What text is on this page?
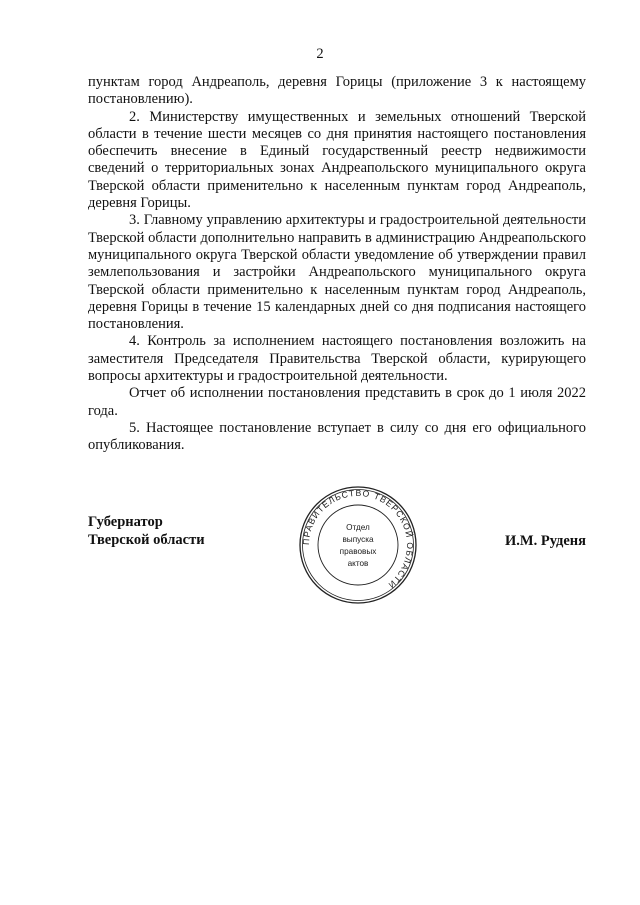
2

пунктам город Андреаполь, деревня Горицы (приложение 3 к настоящему постановлению).

2. Министерству имущественных и земельных отношений Тверской области в течение шести месяцев со дня принятия настоящего постановления обеспечить внесение в Единый государственный реестр недвижимости сведений о территориальных зонах Андреапольского муниципального округа Тверской области применительно к населенным пунктам город Андреаполь, деревня Горицы.

3. Главному управлению архитектуры и градостроительной деятельности Тверской области дополнительно направить в администрацию Андреапольского муниципального округа Тверской области уведомление об утверждении правил землепользования и застройки Андреапольского муниципального округа Тверской области применительно к населенным пунктам город Андреаполь, деревня Горицы в течение 15 календарных дней со дня подписания настоящего постановления.

4. Контроль за исполнением настоящего постановления возложить на заместителя Председателя Правительства Тверской области, курирующего вопросы архитектуры и градостроительной деятельности.

Отчет об исполнении постановления представить в срок до 1 июля 2022 года.

5. Настоящее постановление вступает в силу со дня его официального опубликования.

Губернатор
Тверской области	ПРАВИТЕЛЬСТВО ТВЕРСКОЙ ОБЛАСТИ
Отдел
выпуска
правовых
актов
И.М. Руденя
